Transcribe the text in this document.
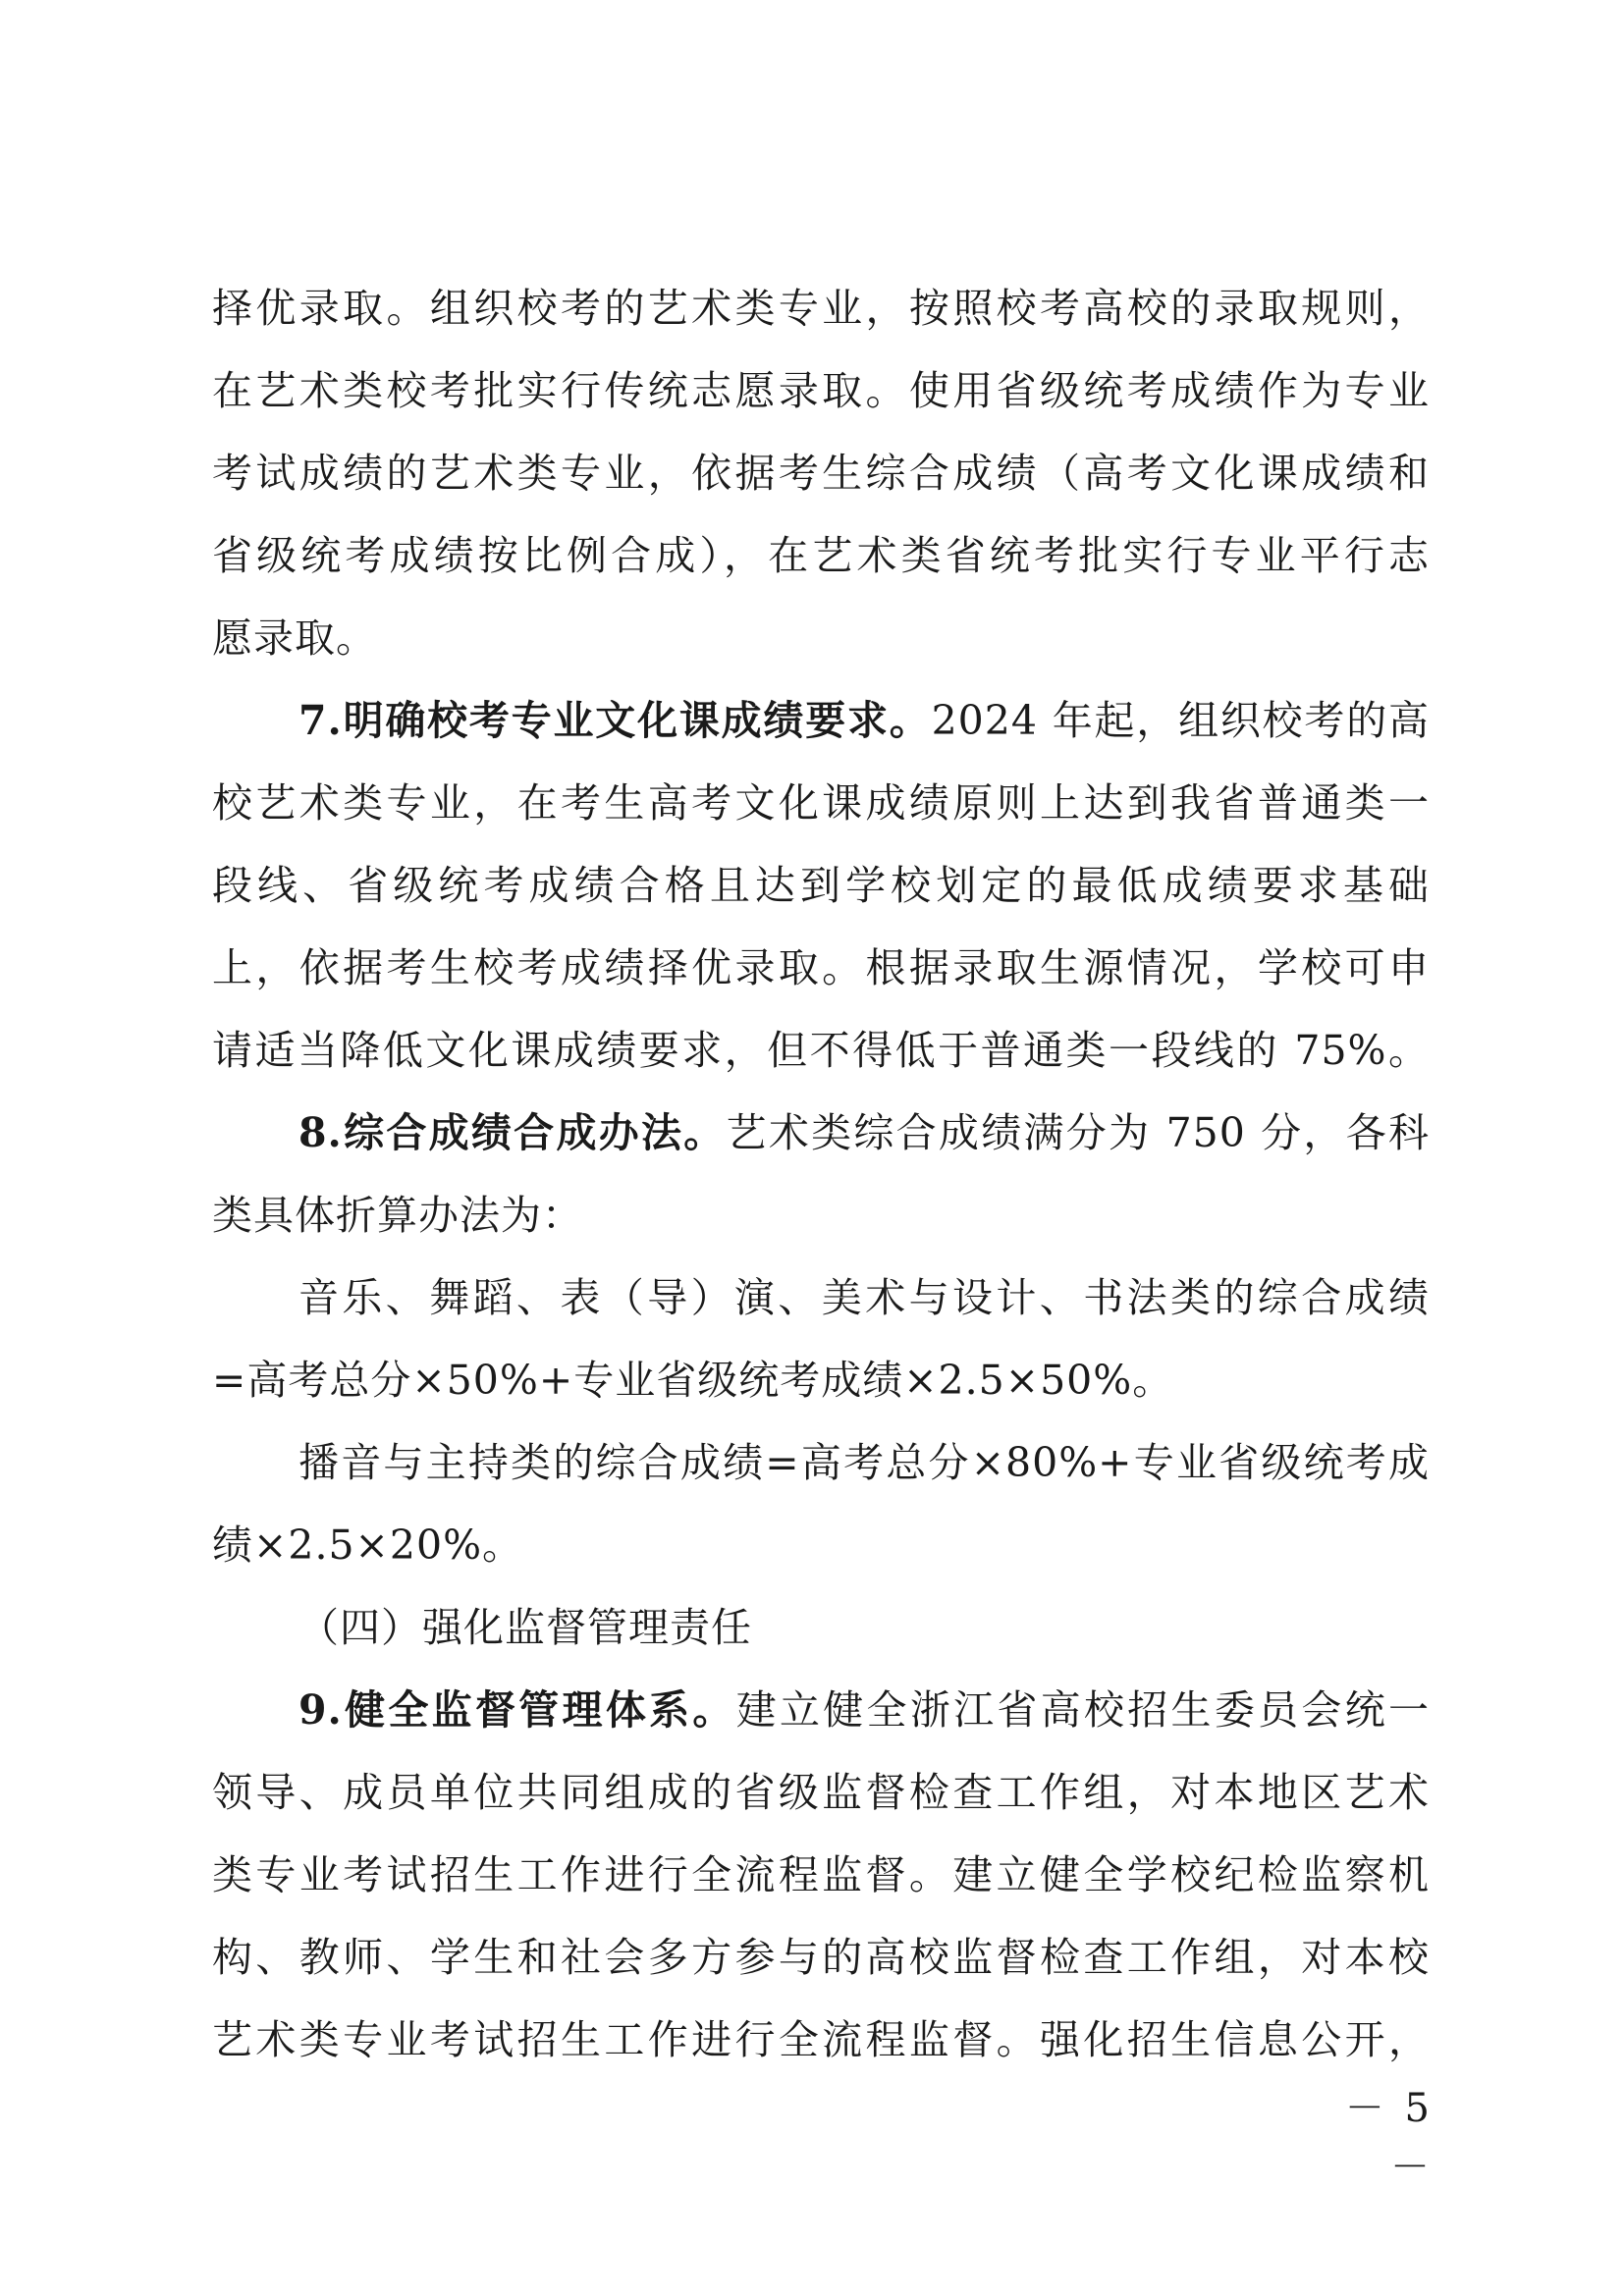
择优录取。组织校考的艺术类专业，按照校考高校的录取规则，
在艺术类校考批实行传统志愿录取。使用省级统考成绩作为专业
考试成绩的艺术类专业，依据考生综合成绩（高考文化课成绩和
省级统考成绩按比例合成），在艺术类省统考批实行专业平行志
愿录取。
7.明确校考专业文化课成绩要求。2024 年起，组织校考的高
校艺术类专业，在考生高考文化课成绩原则上达到我省普通类一
段线、省级统考成绩合格且达到学校划定的最低成绩要求基础
上，依据考生校考成绩择优录取。根据录取生源情况，学校可申
请适当降低文化课成绩要求，但不得低于普通类一段线的 75%。
8.综合成绩合成办法。艺术类综合成绩满分为 750 分，各科
类具体折算办法为：
音乐、舞蹈、表（导）演、美术与设计、书法类的综合成绩
=高考总分×50%+专业省级统考成绩×2.5×50%。
播音与主持类的综合成绩=高考总分×80%+专业省级统考成
绩×2.5×20%。
（四）强化监督管理责任
9.健全监督管理体系。建立健全浙江省高校招生委员会统一
领导、成员单位共同组成的省级监督检查工作组，对本地区艺术
类专业考试招生工作进行全流程监督。建立健全学校纪检监察机
构、教师、学生和社会多方参与的高校监督检查工作组，对本校
艺术类专业考试招生工作进行全流程监督。强化招生信息公开，
－ 5 －
